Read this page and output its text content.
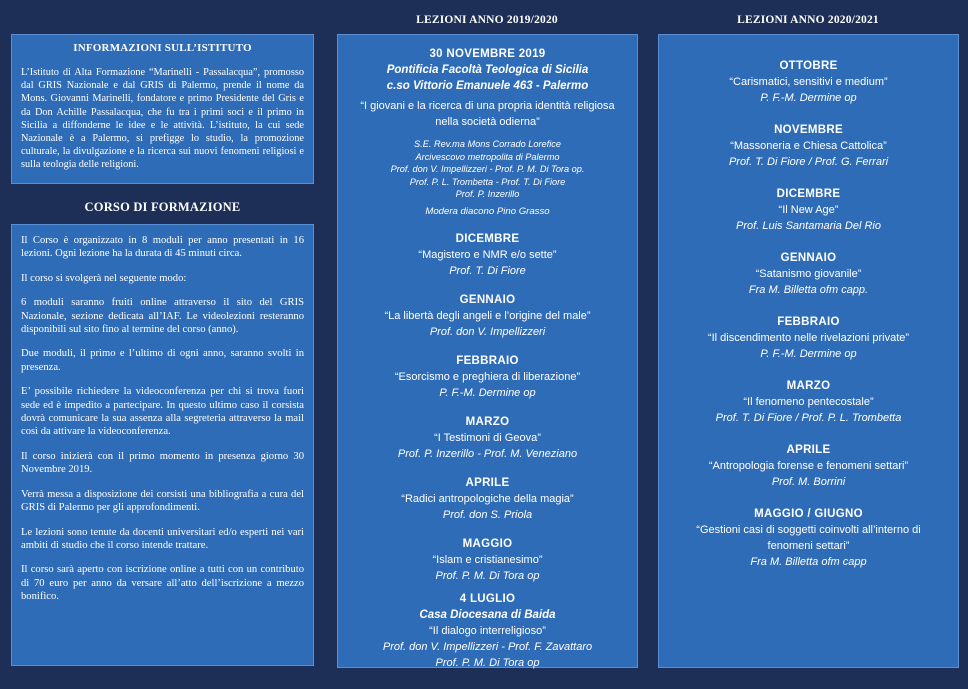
LEZIONI ANNO 2019/2020	LEZIONI ANNO 2020/2021
INFORMAZIONI SULL’ISTITUTO

L’Istituto di Alta Formazione “Marinelli - Passalacqua”, promosso dal GRIS Nazionale e dal GRIS di Palermo, prende il nome da Mons. Giovanni Marinelli, fondatore e primo Presidente del Gris e da Don Achille Passalacqua, che fu tra i primi soci e il primo in Sicilia a diffonderne le idee e le attività. L’istituto, la cui sede Nazionale è a Palermo, si prefigge lo studio, la promozione culturale, la divulgazione e la ricerca sui nuovi fenomeni religiosi e sulla teologia delle religioni.

CORSO DI FORMAZIONE

Il Corso è organizzato in 8 moduli per anno presentati in 16 lezioni. Ogni lezione ha la durata di 45 minuti circa.

Il corso si svolgerà nel seguente modo:

6 moduli saranno fruiti online attraverso il sito del GRIS Nazionale, sezione dedicata all’IAF. Le videolezioni resteranno disponibili sul sito fino al termine del corso (anno).

Due moduli, il primo e l’ultimo di ogni anno, saranno svolti in presenza.

E’ possibile richiedere la videoconferenza per chi si trova fuori sede ed è impedito a partecipare. In questo ultimo caso il corsista dovrà comunicare la sua assenza alla segreteria attraverso la mail così da attivare la videoconferenza.

Il corso inizierà con il primo momento in presenza giorno 30 Novembre 2019.

Verrà messa a disposizione dei corsisti una bibliografia a cura del GRIS di Palermo per gli approfondimenti.

Le lezioni sono tenute da docenti universitari ed/o esperti nei vari ambiti di studio che il corso intende trattare.

Il corso sarà aperto con iscrizione online a tutti con un contributo di 70 euro per anno da versare all’atto dell’iscrizione a mezzo bonifico.

30 NOVEMBRE 2019

Pontificia Facoltà Teologica di Sicilia

c.so Vittorio Emanuele 463 - Palermo

“I giovani e la ricerca di una propria identità religiosa nella società odierna”

S.E. Rev.ma Mons Corrado Lorefice

Arcivescovo metropolita di Palermo

Prof. don V. Impellizzeri - Prof. P. M. Di Tora op.

Prof. P. L. Trombetta - Prof. T. Di Fiore

Prof. P. Inzerillo

Modera diacono Pino Grasso

DICEMBRE

“Magistero e NMR e/o sette”

Prof. T. Di Fiore

GENNAIO

“La libertà degli angeli e l’origine del male”

Prof. don V. Impellizzeri

FEBBRAIO

“Esorcismo e preghiera di liberazione”

P. F.-M. Dermine op

MARZO

“I Testimoni di Geova”

Prof. P. Inzerillo - Prof. M. Veneziano

APRILE

“Radici antropologiche della magia”

Prof. don S. Priola

MAGGIO

“Islam e cristianesimo”

Prof. P. M. Di Tora op

4 LUGLIO

Casa Diocesana di Baida

“Il dialogo interreligioso”

Prof. don V. Impellizzeri - Prof. F. Zavattaro

Prof. P. M. Di Tora op

OTTOBRE

“Carismatici, sensitivi e medium”

P. F.-M. Dermine op

NOVEMBRE

“Massoneria e Chiesa Cattolica”

Prof. T. Di Fiore / Prof. G. Ferrari

DICEMBRE

“Il New Age”

Prof. Luis Santamaria Del Rio

GENNAIO

“Satanismo giovanile”

Fra M. Billetta ofm capp.

FEBBRAIO

“Il discendimento nelle rivelazioni private”

P. F.-M. Dermine op

MARZO

“Il fenomeno pentecostale”

Prof. T. Di Fiore / Prof. P. L. Trombetta

APRILE

“Antropologia forense e fenomeni settari”

Prof. M. Borrini

MAGGIO / GIUGNO

“Gestioni casi di soggetti coinvolti all’interno di fenomeni settari”

Fra M. Billetta ofm capp
